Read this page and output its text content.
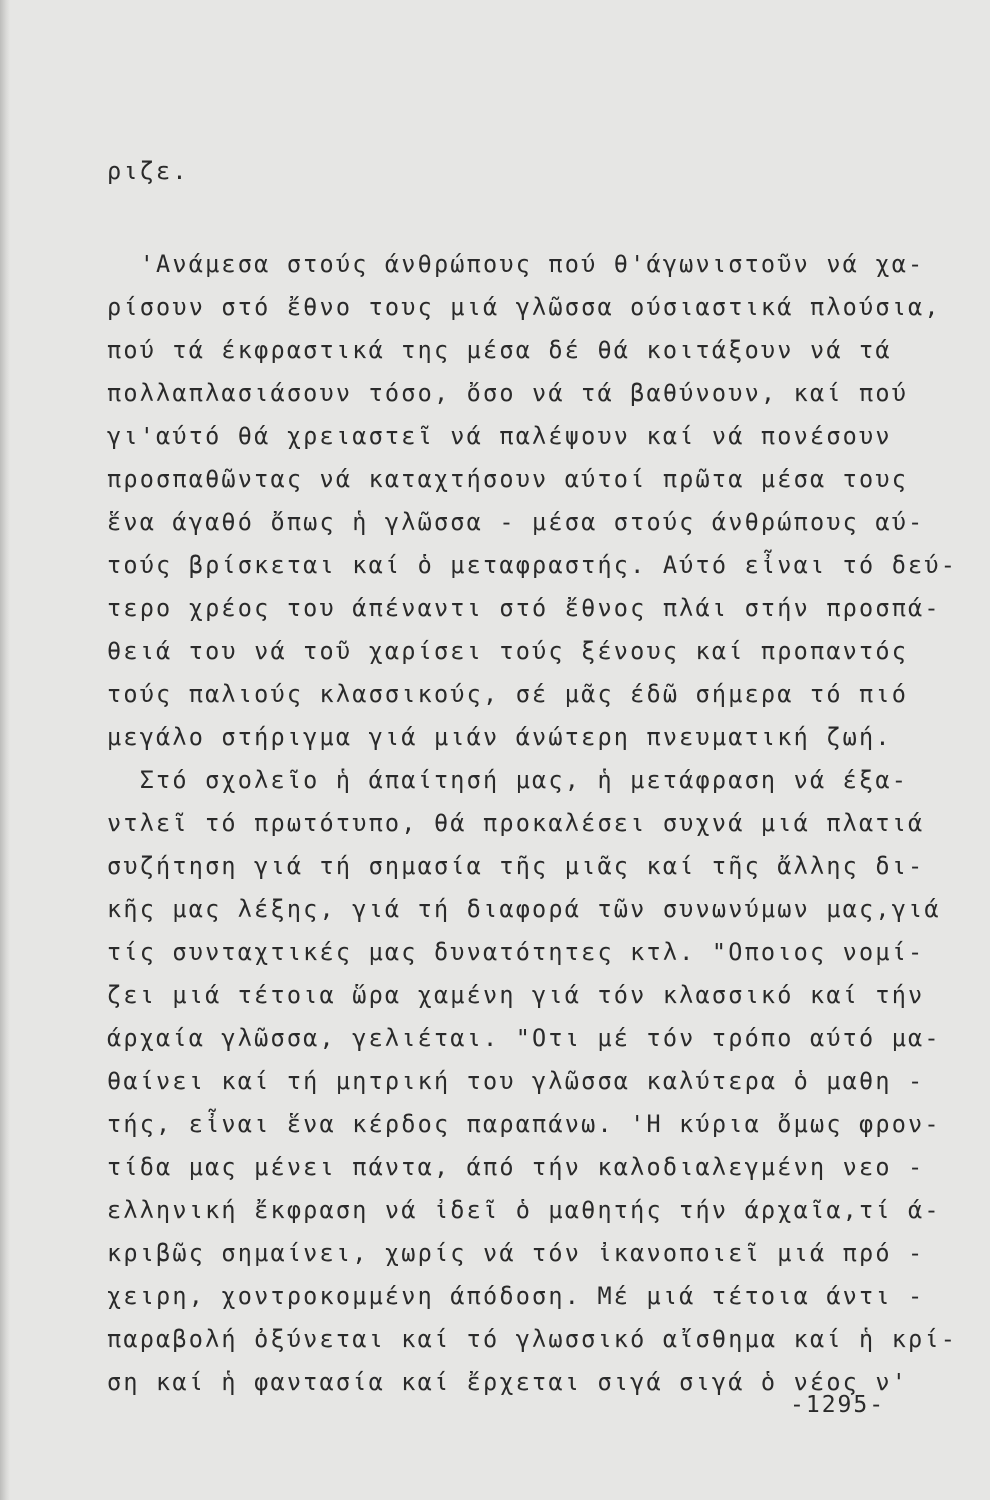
ριζε.
'Ανάμεσα στούς άνθρώπους πού θ'άγωνιστοῦν νά χα-
ρίσουν στό ἔθνο τους μιά γλῶσσα ούσιαστικά πλούσια,
πού τά έκφραστικά της μέσα δέ θά κοιτάξουν νά τά
πολλαπλασιάσουν τόσο, ὄσο νά τά βαθύνουν, καί πού
γι'αύτό θά χρειαστεῖ νά παλέψουν καί νά πονέσουν
προσπαθῶντας νά καταχτήσουν αύτοί πρῶτα μέσα τους
ἕνα άγαθό ὄπως ἡ γλῶσσα - μέσα στούς άνθρώπους αύ-
τούς βρίσκεται καί ὁ μεταφραστής. Αύτό εἶναι τό δεύ-
τερο χρέος του άπέναντι στό ἔθνος πλάι στήν προσπά-
θειά του νά τοῦ χαρίσει τούς ξένους καί προπαντός
τούς παλιούς κλασσικούς, σέ μᾶς έδῶ σήμερα τό πιό
μεγάλο στήριγμα γιά μιάν άνώτερη πνευματική ζωή.
Στό σχολεῖο ἡ άπαίτησή μας, ἡ μετάφραση νά έξα-
ντλεῖ τό πρωτότυπο, θά προκαλέσει συχνά μιά πλατιά
συζήτηση γιά τή σημασία τῆς μιᾶς καί τῆς ἄλλης δι-
κῆς μας λέξης, γιά τή διαφορά τῶν συνωνύμων μας,γιά
τίς συνταχτικές μας δυνατότητες κτλ. "Οποιος νομί-
ζει μιά τέτοια ὥρα χαμένη γιά τόν κλασσικό καί τήν
άρχαία γλῶσσα, γελιέται. "Οτι μέ τόν τρόπο αύτό μα-
θαίνει καί τή μητρική του γλῶσσα καλύτερα ὁ μαθη -
τής, εἶναι ἕνα κέρδος παραπάνω. 'Η κύρια ὄμως φρον-
τίδα μας μένει πάντα, άπό τήν καλοδιαλεγμένη νεο -
ελληνική ἔκφραση νά ἰδεῖ ὁ μαθητής τήν άρχαῖα,τί ά-
κριβῶς σημαίνει, χωρίς νά τόν ἰκανοποιεῖ μιά πρό -
χειρη, χοντροκομμένη άπόδοση. Μέ μιά τέτοια άντι -
παραβολή ὀξύνεται καί τό γλωσσικό αἴσθημα καί ἡ κρί-
ση καί ἡ φαντασία καί ἔρχεται σιγά σιγά ὁ νέος ν'
-1295-
